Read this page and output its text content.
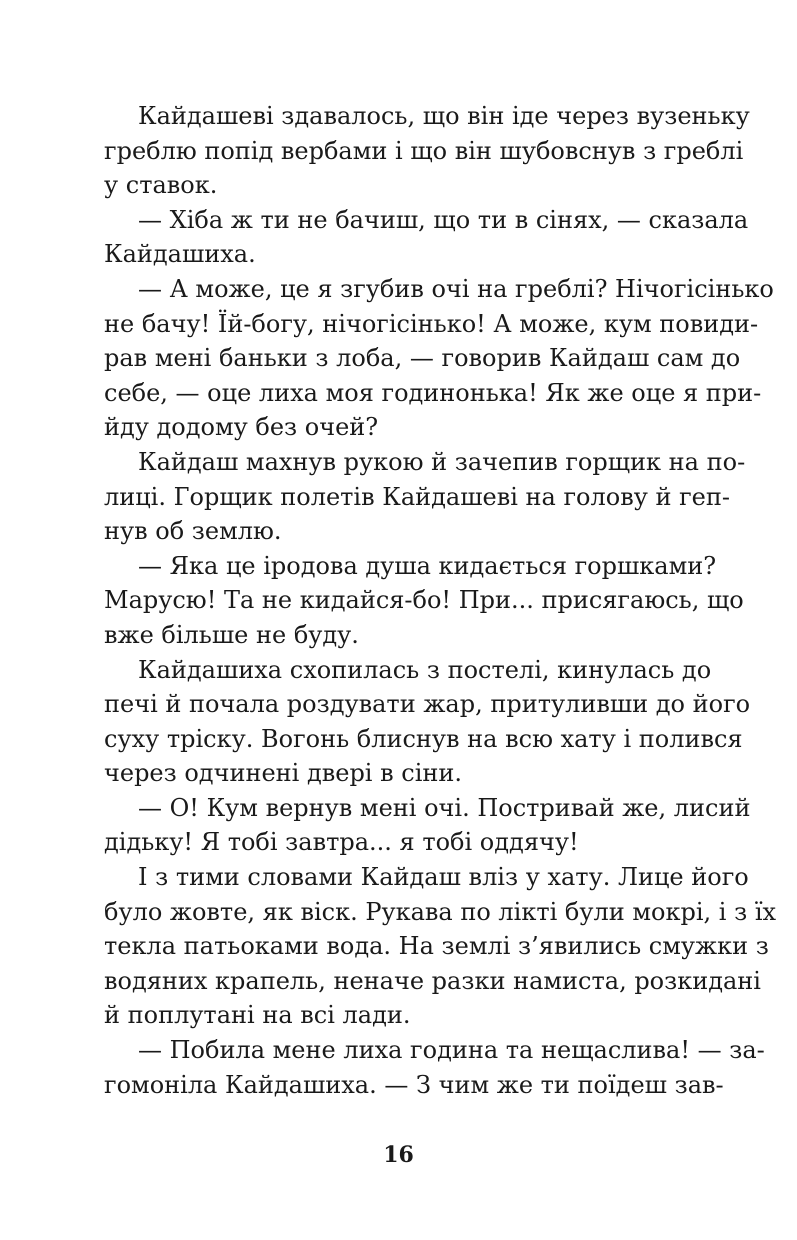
Кайдашеві здавалось, що він іде через вузеньку
греблю попід вербами і що він шубовснув з греблі
у ставок.

— Хіба ж ти не бачиш, що ти в сінях, — сказала
Кайдашиха.

— А може, це я згубив очі на греблі? Нічогісінько
не бачу! Їй-богу, нічогісінько! А може, кум повиди-
рав мені баньки з лоба, — говорив Кайдаш сам до
себе, — оце лиха моя годинонька! Як же оце я при-
йду додому без очей?

Кайдаш махнув рукою й зачепив горщик на по-
лиці. Горщик полетів Кайдашеві на голову й геп-
нув об землю.

— Яка це іродова душа кидається горшками?
Марусю! Та не кидайся-бо! При... присягаюсь, що
вже більше не буду.

Кайдашиха схопилась з постелі, кинулась до
печі й почала роздувати жар, притуливши до його
суху тріску. Вогонь блиснув на всю хату і полився
через одчинені двері в сіни.

— О! Кум вернув мені очі. Постривай же, лисий
дідьку! Я тобі завтра... я тобі оддячу!

І з тими словами Кайдаш вліз у хату. Лице його
було жовте, як віск. Рукава по лікті були мокрі, і з їх
текла патьоками вода. На землі з’явились смужки з
водяних крапель, неначе разки намиста, розкидані
й поплутані на всі лади.

— Побила мене лиха година та нещаслива! — за-
гомоніла Кайдашиха. — З чим же ти поїдеш зав-

16
